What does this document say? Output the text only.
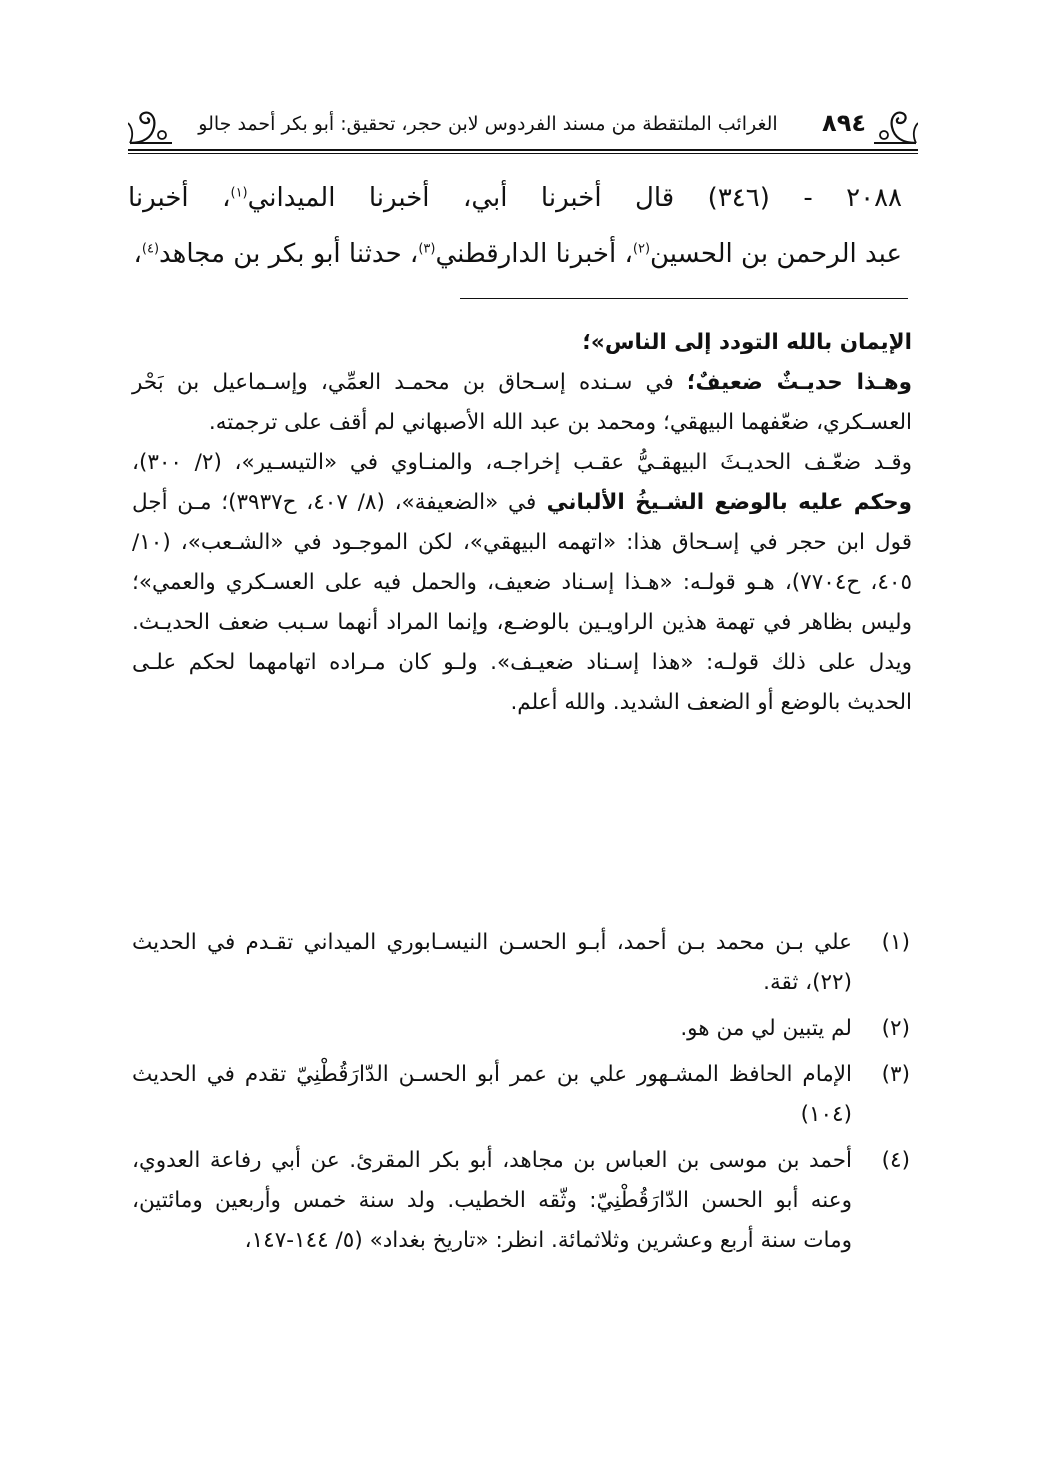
٨٩٤
الغرائب الملتقطة من مسند الفردوس لابن حجر، تحقيق: أبو بكر أحمد جالو

٢٠٨٨ - (٣٤٦) قال أخبرنا أبي، أخبرنا الميداني$^{(١)}$، أخبرنا

عبد الرحمن بن الحسين$^{(٢)}$، أخبرنا الدارقطني$^{(٣)}$، حدثنا أبو بكر بن مجاهد$^{(٤)}$،

الإيمان بالله التودد إلى الناس»؛

وهـذا حديـثٌ ضعيفٌ؛ في سـنده إسـحاق بن محمـد العمِّي، وإسـماعيل بن بَحْر العسـكري، ضعّفهما البيهقي؛ ومحمد بن عبد الله الأصبهاني لم أقف على ترجمته.

وقـد ضعّـف الحديـثَ البيهقـيُّ عقـب إخراجـه، والمنـاوي في «التيسـير»، (٢/ ٣٠٠)، وحكم عليه بالوضع الشـيخُ الألباني في «الضعيفة»، (٨/ ٤٠٧، ح٣٩٣٧)؛ مـن أجل قول ابن حجر في إسـحاق هذا: «اتهمه البيهقي»، لكن الموجـود في «الشـعب»، (١٠/ ٤٠٥، ح٧٧٠٤)، هـو قولـه: «هـذا إسـناد ضعيف، والحمل فيه على العسـكري والعمي»؛ وليس بظاهر في تهمة هذين الراويـين بالوضـع، وإنما المراد أنهما سـبب ضعف الحديـث. ويدل على ذلك قولـه: «هذا إسـناد ضعيـف». ولـو كان مـراده اتهامهما لحكم علـى الحديث بالوضع أو الضعف الشديد. والله أعلم.

(١)
علي بـن محمد بـن أحمد، أبـو الحسـن النيسـابوري الميداني تقـدم في الحديث (٢٢)، ثقة.
(٢)
لم يتبين لي من هو.
(٣)
الإمام الحافظ المشـهور علي بن عمر أبو الحسـن الدّارَقُطْنِيّ تقدم في الحديث (١٠٤)
(٤)
أحمد بن موسى بن العباس بن مجاهد، أبو بكر المقرئ. عن أبي رفاعة العدوي، وعنه أبو الحسن الدّارَقُطْنِيّ: وثّقه الخطيب. ولد سنة خمس وأربعين ومائتين، ومات سنة أربع وعشرين وثلاثمائة. انظر: «تاريخ بغداد» (٥/ ١٤٤-١٤٧،
